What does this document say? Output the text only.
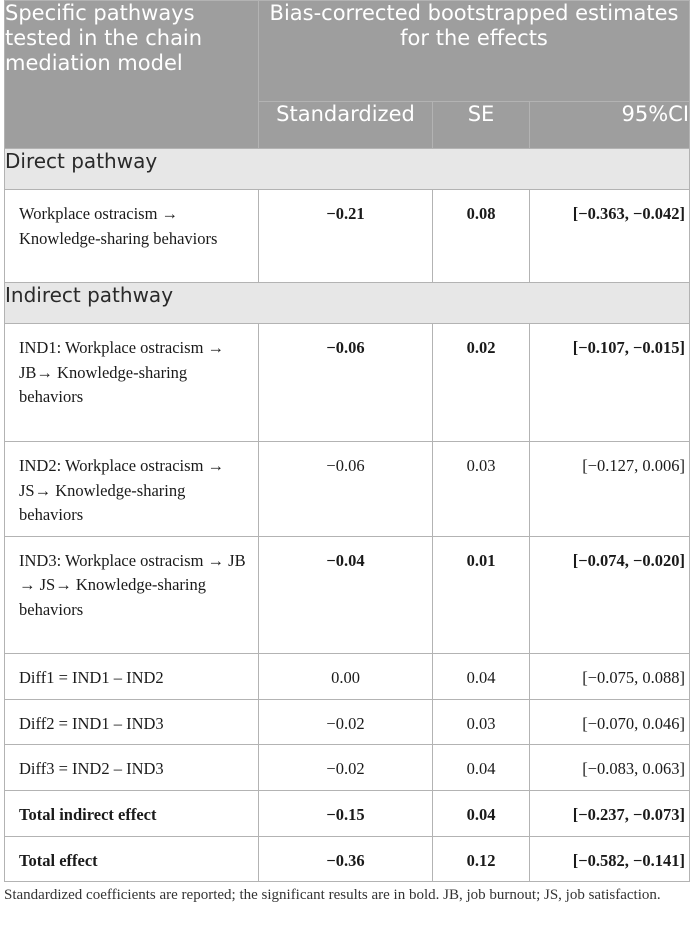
Specific pathways tested in the chain mediation model	Bias-corrected bootstrapped estimates for the effects		
	Standardized	SE	95%CI
Direct pathway			
Workplace ostracism → Knowledge-sharing behaviors	−0.21	0.08	[−0.363, −0.042]
Indirect pathway			
IND1: Workplace ostracism → JB→ Knowledge-sharing behaviors	−0.06	0.02	[−0.107, −0.015]
IND2: Workplace ostracism → JS→ Knowledge-sharing behaviors	−0.06	0.03	[−0.127, 0.006]
IND3: Workplace ostracism → JB → JS→ Knowledge-sharing behaviors	−0.04	0.01	[−0.074, −0.020]
Diff1 = IND1 – IND2	0.00	0.04	[−0.075, 0.088]
Diff2 = IND1 – IND3	−0.02	0.03	[−0.070, 0.046]
Diff3 = IND2 – IND3	−0.02	0.04	[−0.083, 0.063]
Total indirect effect	−0.15	0.04	[−0.237, −0.073]
Total effect	−0.36	0.12	[−0.582, −0.141]
Standardized coefficients are reported; the significant results are in bold. JB, job burnout; JS, job satisfaction.
